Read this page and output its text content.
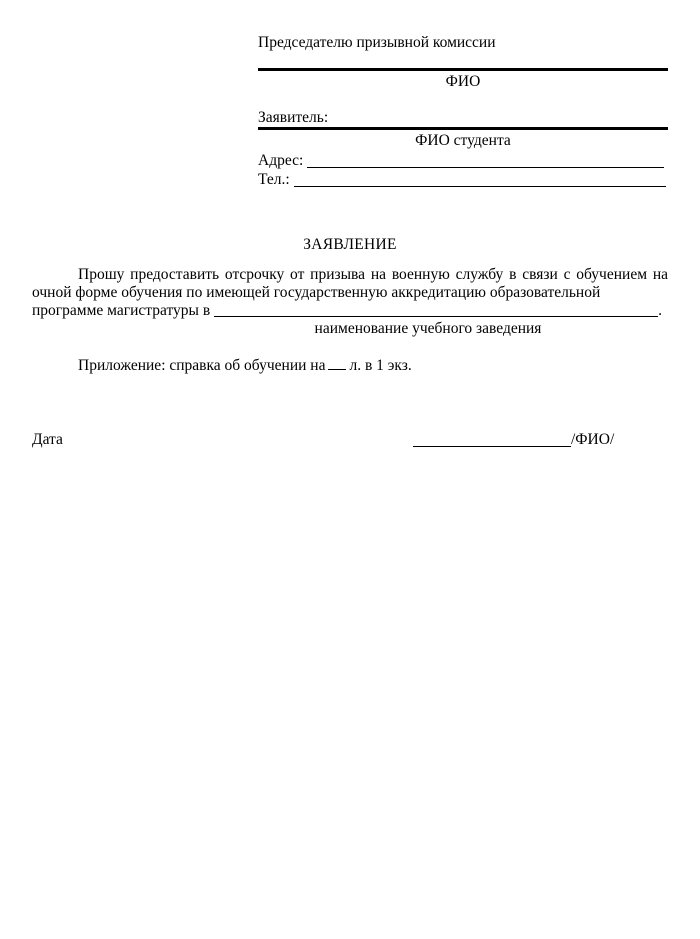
Председателю призывной комиссии
ФИО
Заявитель:
ФИО студента
Адрес:
Тел.:
ЗАЯВЛЕНИЕ
Прошу предоставить отсрочку от призыва на военную службу в связи с обучением на очной форме обучения по имеющей государственную аккредитацию образовательной
программе магистратуры в	.
наименование учебного заведения
Приложение: справка об обучении на л. в 1 экз.
Дата	/ФИО/
